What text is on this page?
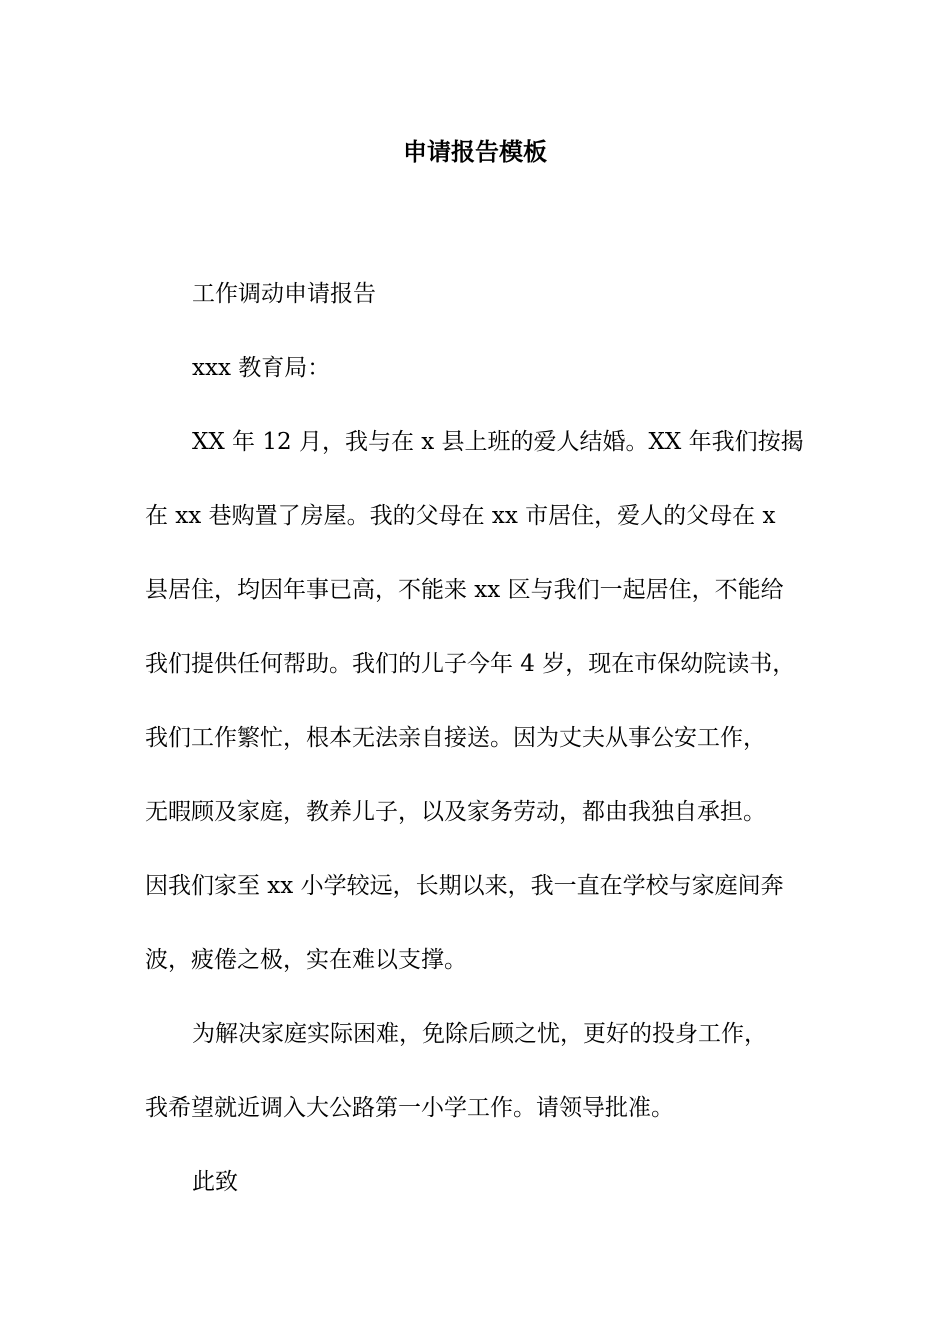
申请报告模板
工作调动申请报告
xxx 教育局：
XX 年 12 月，我与在 x 县上班的爱人结婚。XX 年我们按揭
在 xx 巷购置了房屋。我的父母在 xx 市居住，爱人的父母在 x
县居住，均因年事已高，不能来 xx 区与我们一起居住，不能给
我们提供任何帮助。我们的儿子今年 4 岁，现在市保幼院读书，
我们工作繁忙，根本无法亲自接送。因为丈夫从事公安工作，
无暇顾及家庭，教养儿子，以及家务劳动，都由我独自承担。
因我们家至 xx 小学较远，长期以来，我一直在学校与家庭间奔
波，疲倦之极，实在难以支撑。
为解决家庭实际困难，免除后顾之忧，更好的投身工作，
我希望就近调入大公路第一小学工作。请领导批准。
此致
